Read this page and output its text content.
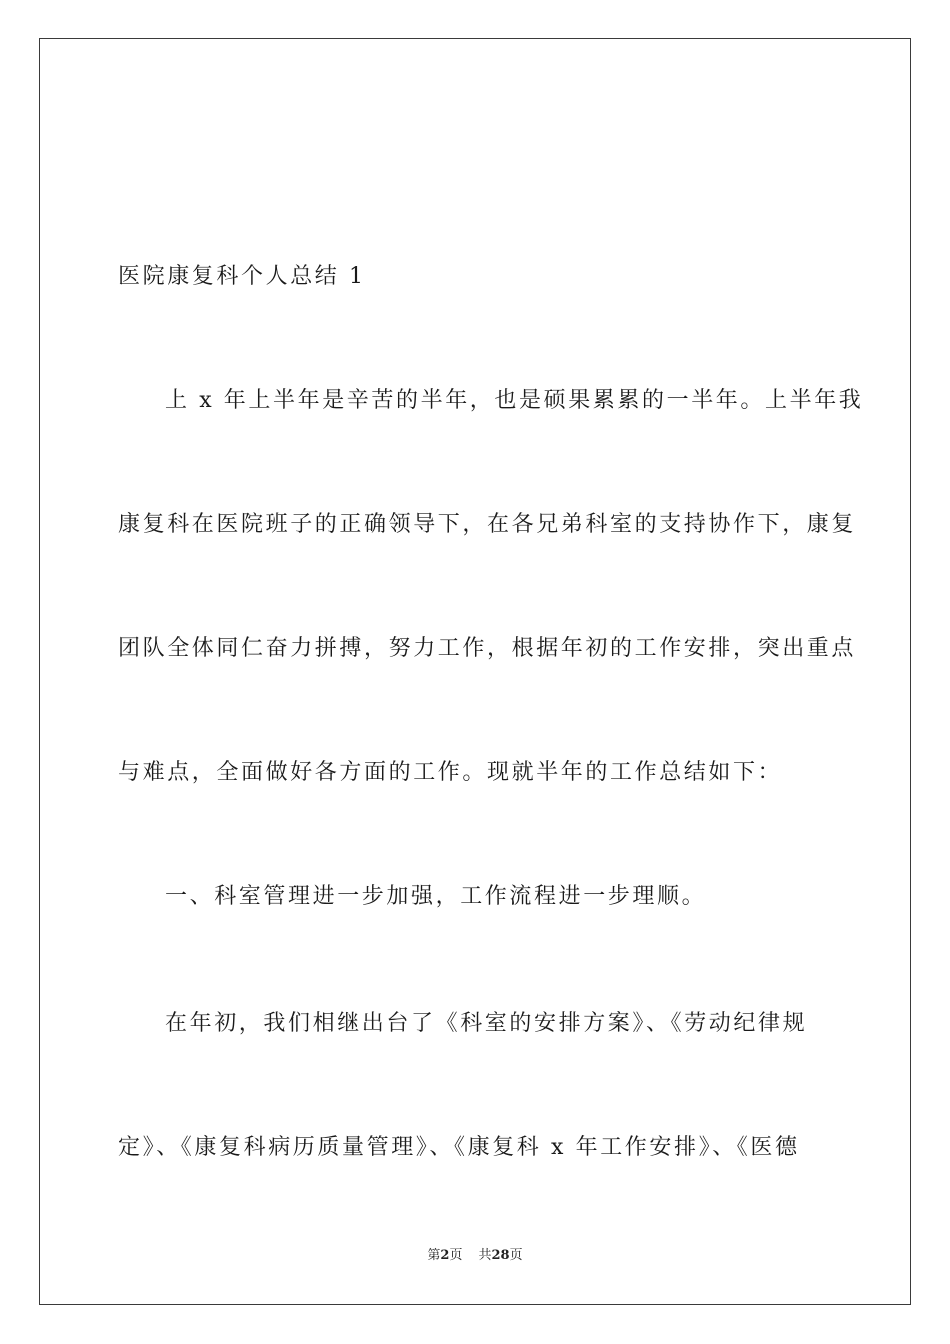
医院康复科个人总结 1
上 x 年上半年是辛苦的半年，也是硕果累累的一半年。上半年我
康复科在医院班子的正确领导下，在各兄弟科室的支持协作下，康复
团队全体同仁奋力拼搏，努力工作，根据年初的工作安排，突出重点
与难点，全面做好各方面的工作。现就半年的工作总结如下：
一、科室管理进一步加强，工作流程进一步理顺。
在年初，我们相继出台了《科室的安排方案》、《劳动纪律规
定》、《康复科病历质量管理》、《康复科 x 年工作安排》、《医德
第2页 共28页
